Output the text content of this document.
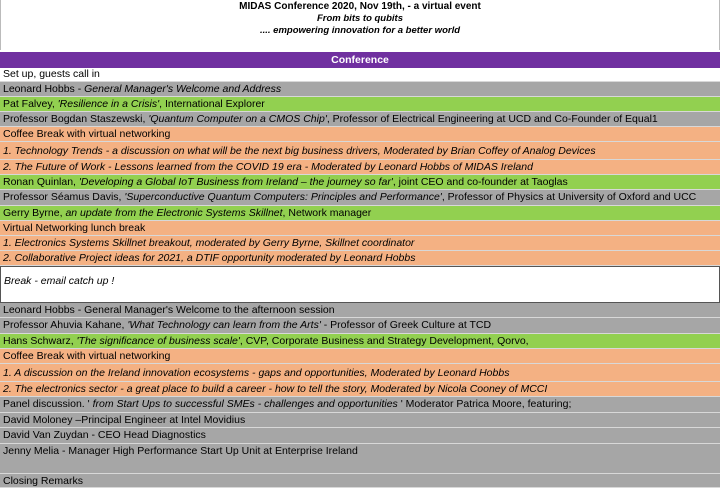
MIDAS Conference 2020, Nov 19th, - a virtual event
From bits to qubits
.... empowering innovation for a better world
Conference
Set up, guests call in
Leonard Hobbs - General Manager's Welcome and Address
Pat Falvey, 'Resilience in a Crisis', International Explorer
Professor Bogdan Staszewski, 'Quantum Computer on a CMOS Chip', Professor of Electrical Engineering at UCD and Co-Founder of Equal1
Coffee Break with virtual networking
1. Technology Trends - a discussion on what will be the next big business drivers, Moderated by Brian Coffey of Analog Devices
2. The Future of Work - Lessons learned from the COVID 19 era - Moderated by Leonard Hobbs of MIDAS Ireland
Ronan Quinlan, 'Developing a Global IoT Business from Ireland – the journey so far', joint CEO and co-founder at Taoglas
Professor Séamus Davis, 'Superconductive Quantum Computers: Principles and Performance', Professor of Physics at University of Oxford and UCC
Gerry Byrne, an update from the Electronic Systems Skillnet, Network manager
Virtual Networking lunch break
1. Electronics Systems Skillnet breakout, moderated by Gerry Byrne, Skillnet coordinator
2. Collaborative Project ideas for 2021, a DTIF opportunity moderated by Leonard Hobbs
Break - email catch up !
Leonard Hobbs - General Manager's Welcome to the afternoon session
Professor Ahuvia Kahane, 'What Technology can learn from the Arts' - Professor of Greek Culture at TCD
Hans Schwarz, 'The significance of business scale', CVP, Corporate Business and Strategy Development, Qorvo,
Coffee Break with virtual networking
1. A discussion on the Ireland innovation ecosystems - gaps and opportunities, Moderated by Leonard Hobbs
2. The electronics sector - a great place to build a career - how to tell the story, Moderated by Nicola Cooney of MCCI
Panel discussion. ' from Start Ups to successful SMEs - challenges and opportunities ' Moderator Patrica Moore, featuring;
David Moloney –Principal Engineer at Intel Movidius
David Van Zuydan - CEO Head Diagnostics
Jenny Melia - Manager High Performance Start Up Unit at Enterprise Ireland
Closing Remarks
